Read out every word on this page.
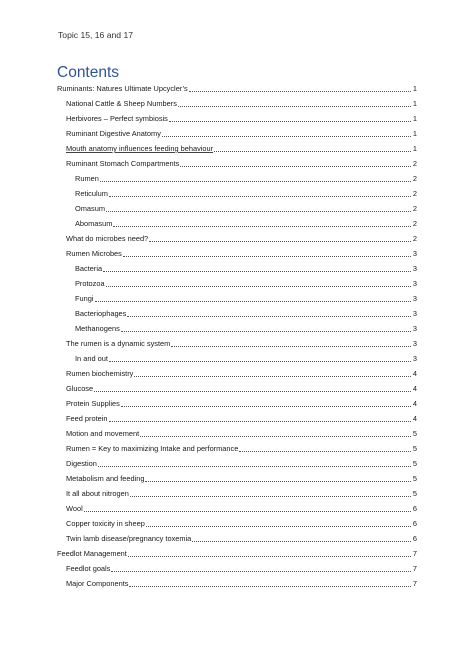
Topic 15, 16 and 17
Contents
Ruminants: Natures Ultimate Upcycler’s	1
National Cattle & Sheep Numbers	1
Herbivores – Perfect symbiosis	1
Ruminant Digestive Anatomy	1
Mouth anatomy influences feeding behaviour	1
Ruminant Stomach Compartments	2
Rumen	2
Reticulum	2
Omasum	2
Abomasum	2
What do microbes need?	2
Rumen Microbes	3
Bacteria	3
Protozoa	3
Fungi	3
Bacteriophages	3
Methanogens	3
The rumen is a dynamic system	3
In and out	3
Rumen biochemistry	4
Glucose	4
Protein Supplies	4
Feed protein	4
Motion and movement	5
Rumen = Key to maximizing Intake and performance	5
Digestion	5
Metabolism and feeding	5
It all about nitrogen	5
Wool	6
Copper toxicity in sheep	6
Twin lamb disease/pregnancy toxemia	6
Feedlot Management	7
Feedlot goals	7
Major Components	7
